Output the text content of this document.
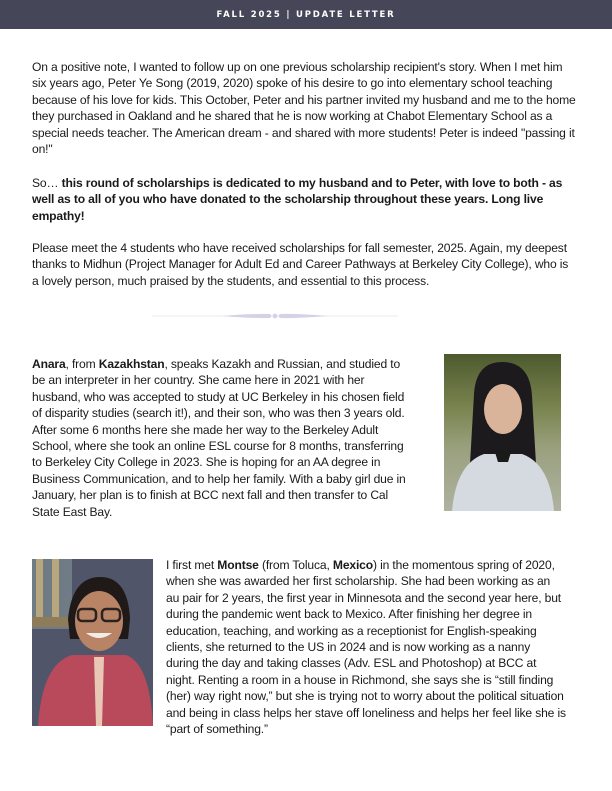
FALL 2025 | UPDATE LETTER

On a positive note, I wanted to follow up on one previous scholarship recipient's story. When I met him six years ago, Peter Ye Song (2019, 2020) spoke of his desire to go into elementary school teaching because of his love for kids. This October, Peter and his partner invited my husband and me to the home they purchased in Oakland and he shared that he is now working at Chabot Elementary School as a special needs teacher. The American dream - and shared with more students! Peter is indeed "passing it on!"

So… this round of scholarships is dedicated to my husband and to Peter, with love to both - as well as to all of you who have donated to the scholarship throughout these years. Long live empathy!

Please meet the 4 students who have received scholarships for fall semester, 2025. Again, my deepest thanks to Midhun (Project Manager for Adult Ed and Career Pathways at Berkeley City College), who is a lovely person, much praised by the students, and essential to this process.

Anara, from Kazakhstan, speaks Kazakh and Russian, and studied to be an interpreter in her country. She came here in 2021 with her husband, who was accepted to study at UC Berkeley in his chosen field of disparity studies (search it!), and their son, who was then 3 years old. After some 6 months here she made her way to the Berkeley Adult School, where she took an online ESL course for 8 months, transferring to Berkeley City College in 2023. She is hoping for an AA degree in Business Communication, and to help her family. With a baby girl due in January, her plan is to finish at BCC next fall and then transfer to Cal State East Bay.

I first met Montse (from Toluca, Mexico) in the momentous spring of 2020, when she was awarded her first scholarship. She had been working as an au pair for 2 years, the first year in Minnesota and the second year here, but during the pandemic went back to Mexico. After finishing her degree in education, teaching, and working as a receptionist for English-speaking clients, she returned to the US in 2024 and is now working as a nanny during the day and taking classes (Adv. ESL and Photoshop) at BCC at night. Renting a room in a house in Richmond, she says she is “still finding (her) way right now,” but she is trying not to worry about the political situation and being in class helps her stave off loneliness and helps her feel like she is “part of something.”
